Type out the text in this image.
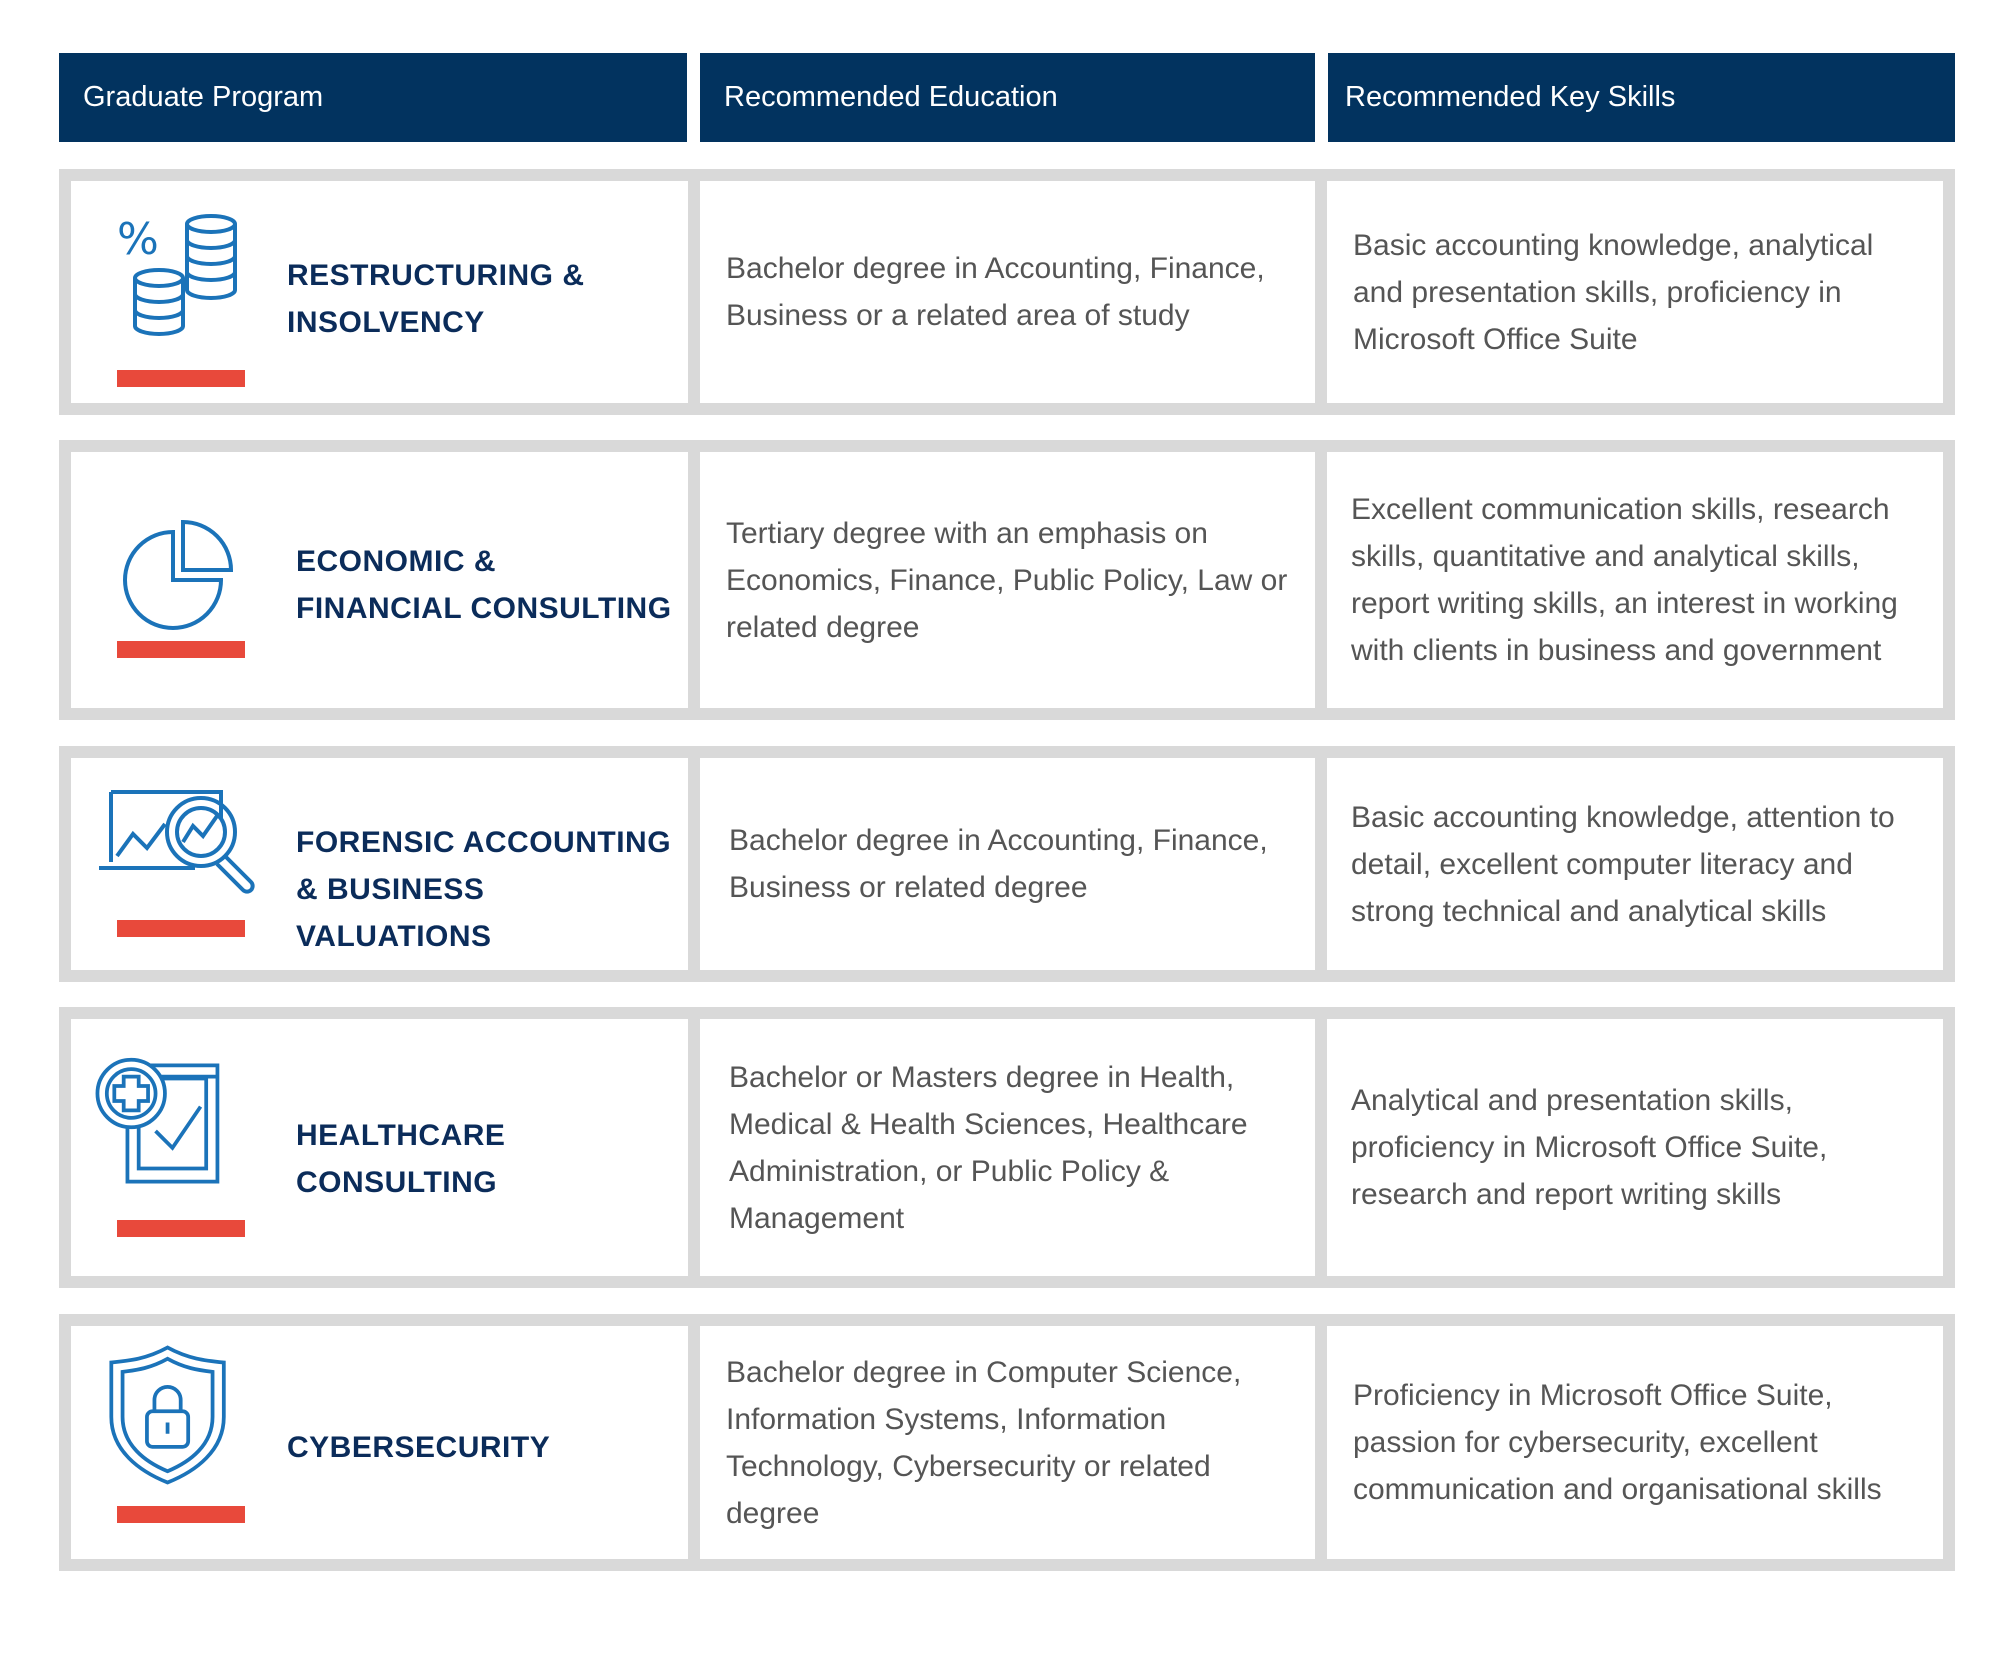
Graduate Program	Recommended Education	Recommended Key Skills
%
RESTRUCTURING &
INSOLVENCY
Bachelor degree in Accounting, Finance, Business or a related area of study
Basic accounting knowledge, analytical and presentation skills, proficiency in Microsoft Office Suite
ECONOMIC &
FINANCIAL CONSULTING
Tertiary degree with an emphasis on Economics, Finance, Public Policy, Law or related degree
Excellent communication skills, research skills, quantitative and analytical skills, report writing skills, an interest in working with clients in business and government
FORENSIC ACCOUNTING
& BUSINESS VALUATIONS
Bachelor degree in Accounting, Finance, Business or related degree
Basic accounting knowledge, attention to detail, excellent computer literacy and strong technical and analytical skills
HEALTHCARE
CONSULTING
Bachelor or Masters degree in Health, Medical & Health Sciences, Healthcare Administration, or Public Policy & Management
Analytical and presentation skills, proficiency in Microsoft Office Suite, research and report writing skills
CYBERSECURITY
Bachelor degree in Computer Science, Information Systems, Information Technology, Cybersecurity or related degree
Proficiency in Microsoft Office Suite, passion for cybersecurity, excellent communication and organisational skills
